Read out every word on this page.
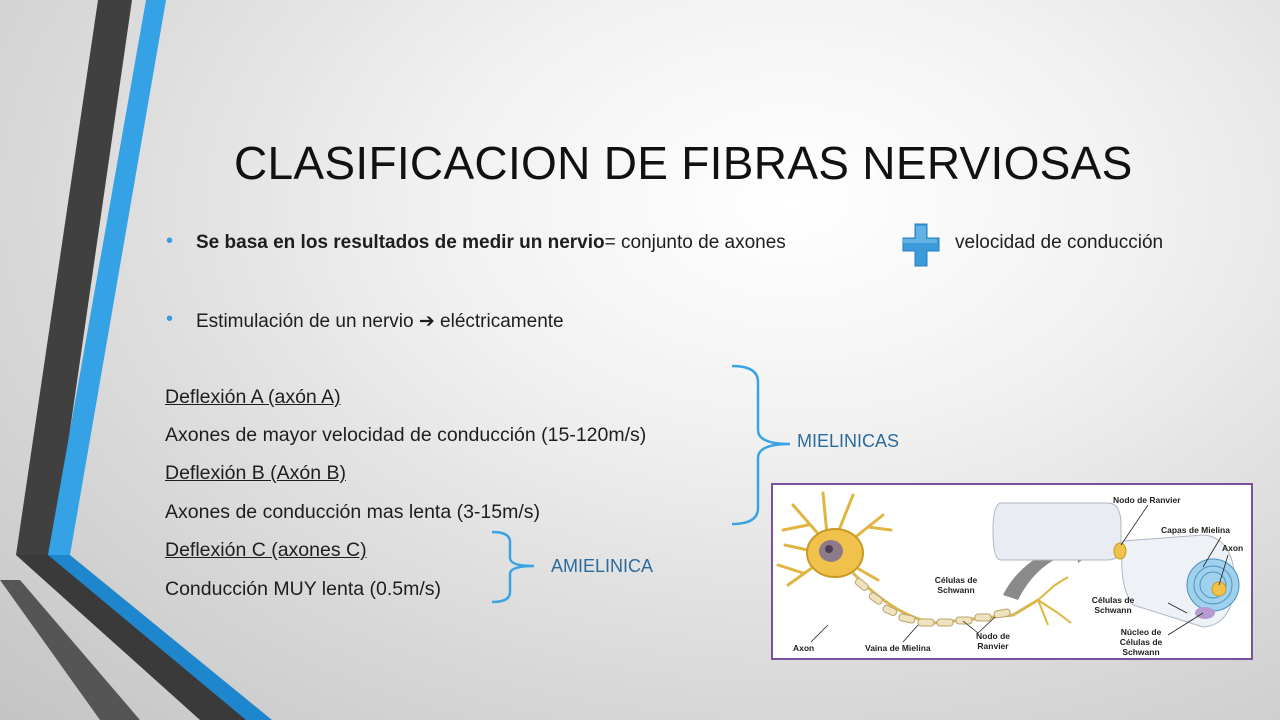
CLASIFICACION DE FIBRAS NERVIOSAS
• Se basa en los resultados de medir un nervio= conjunto de axones	velocidad de conducción
• Estimulación de un nervio ➔ eléctricamente
Deflexión A (axón A)
Axones de mayor velocidad de conducción (15-120m/s)
Deflexión B (Axón B)
Axones de conducción mas lenta (3-15m/s)
Deflexión C (axones C)
Conducción MUY lenta (0.5m/s)
MIELINICAS
AMIELINICA
Nodo de Ranvier
Capas de Mielina
Axon
Células de Schwann
Núcleo de Células de Schwann
Células de Schwann
Axon	Vaina de Mielina
Nodo de Ranvier
